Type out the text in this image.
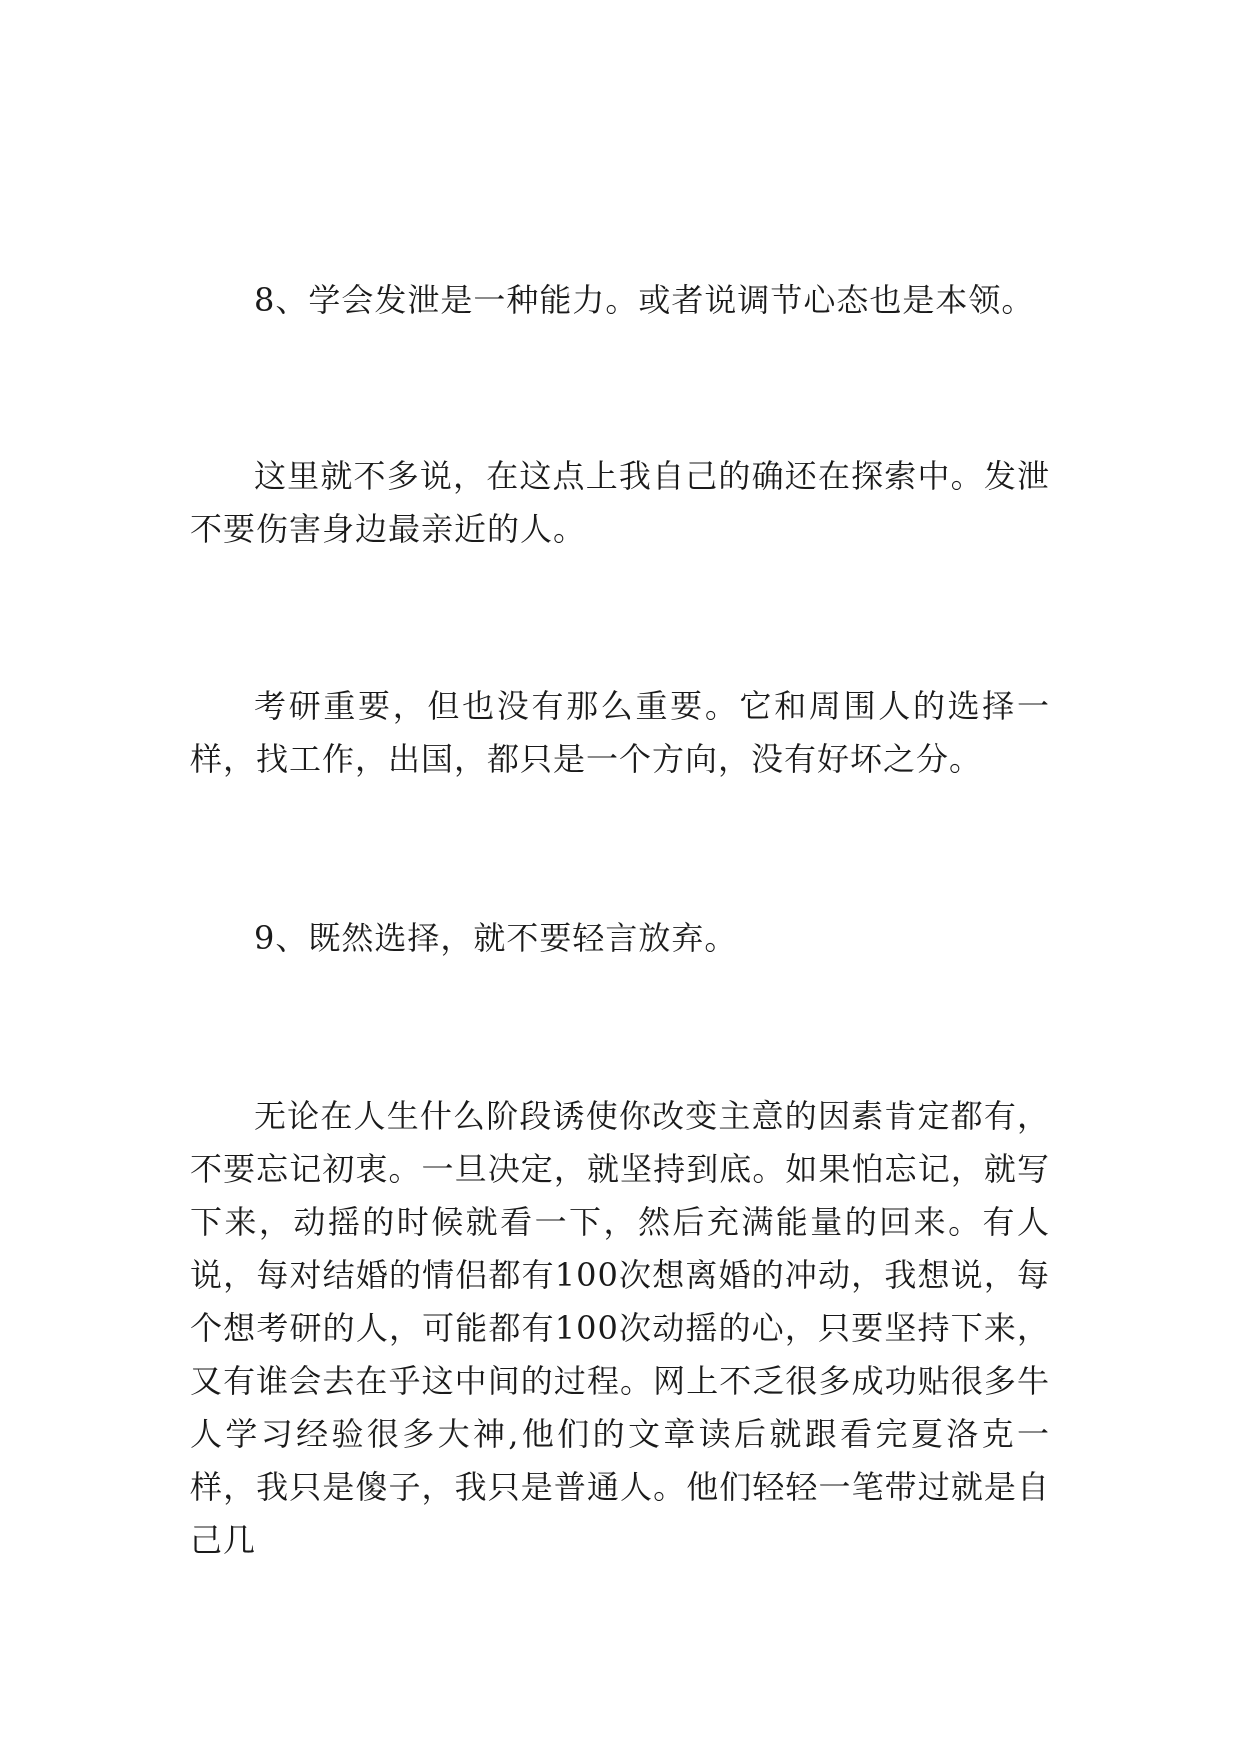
8、学会发泄是一种能力。或者说调节心态也是本领。

这里就不多说，在这点上我自己的确还在探索中。发泄不要伤害身边最亲近的人。

考研重要，但也没有那么重要。它和周围人的选择一样，找工作，出国，都只是一个方向，没有好坏之分。

9、既然选择，就不要轻言放弃。

无论在人生什么阶段诱使你改变主意的因素肯定都有，不要忘记初衷。一旦决定，就坚持到底。如果怕忘记，就写下来，动摇的时候就看一下，然后充满能量的回来。有人说，每对结婚的情侣都有100次想离婚的冲动，我想说，每个想考研的人，可能都有100次动摇的心，只要坚持下来，又有谁会去在乎这中间的过程。网上不乏很多成功贴很多牛人学习经验很多大神,他们的文章读后就跟看完夏洛克一样，我只是傻子，我只是普通人。他们轻轻一笔带过就是自己几
